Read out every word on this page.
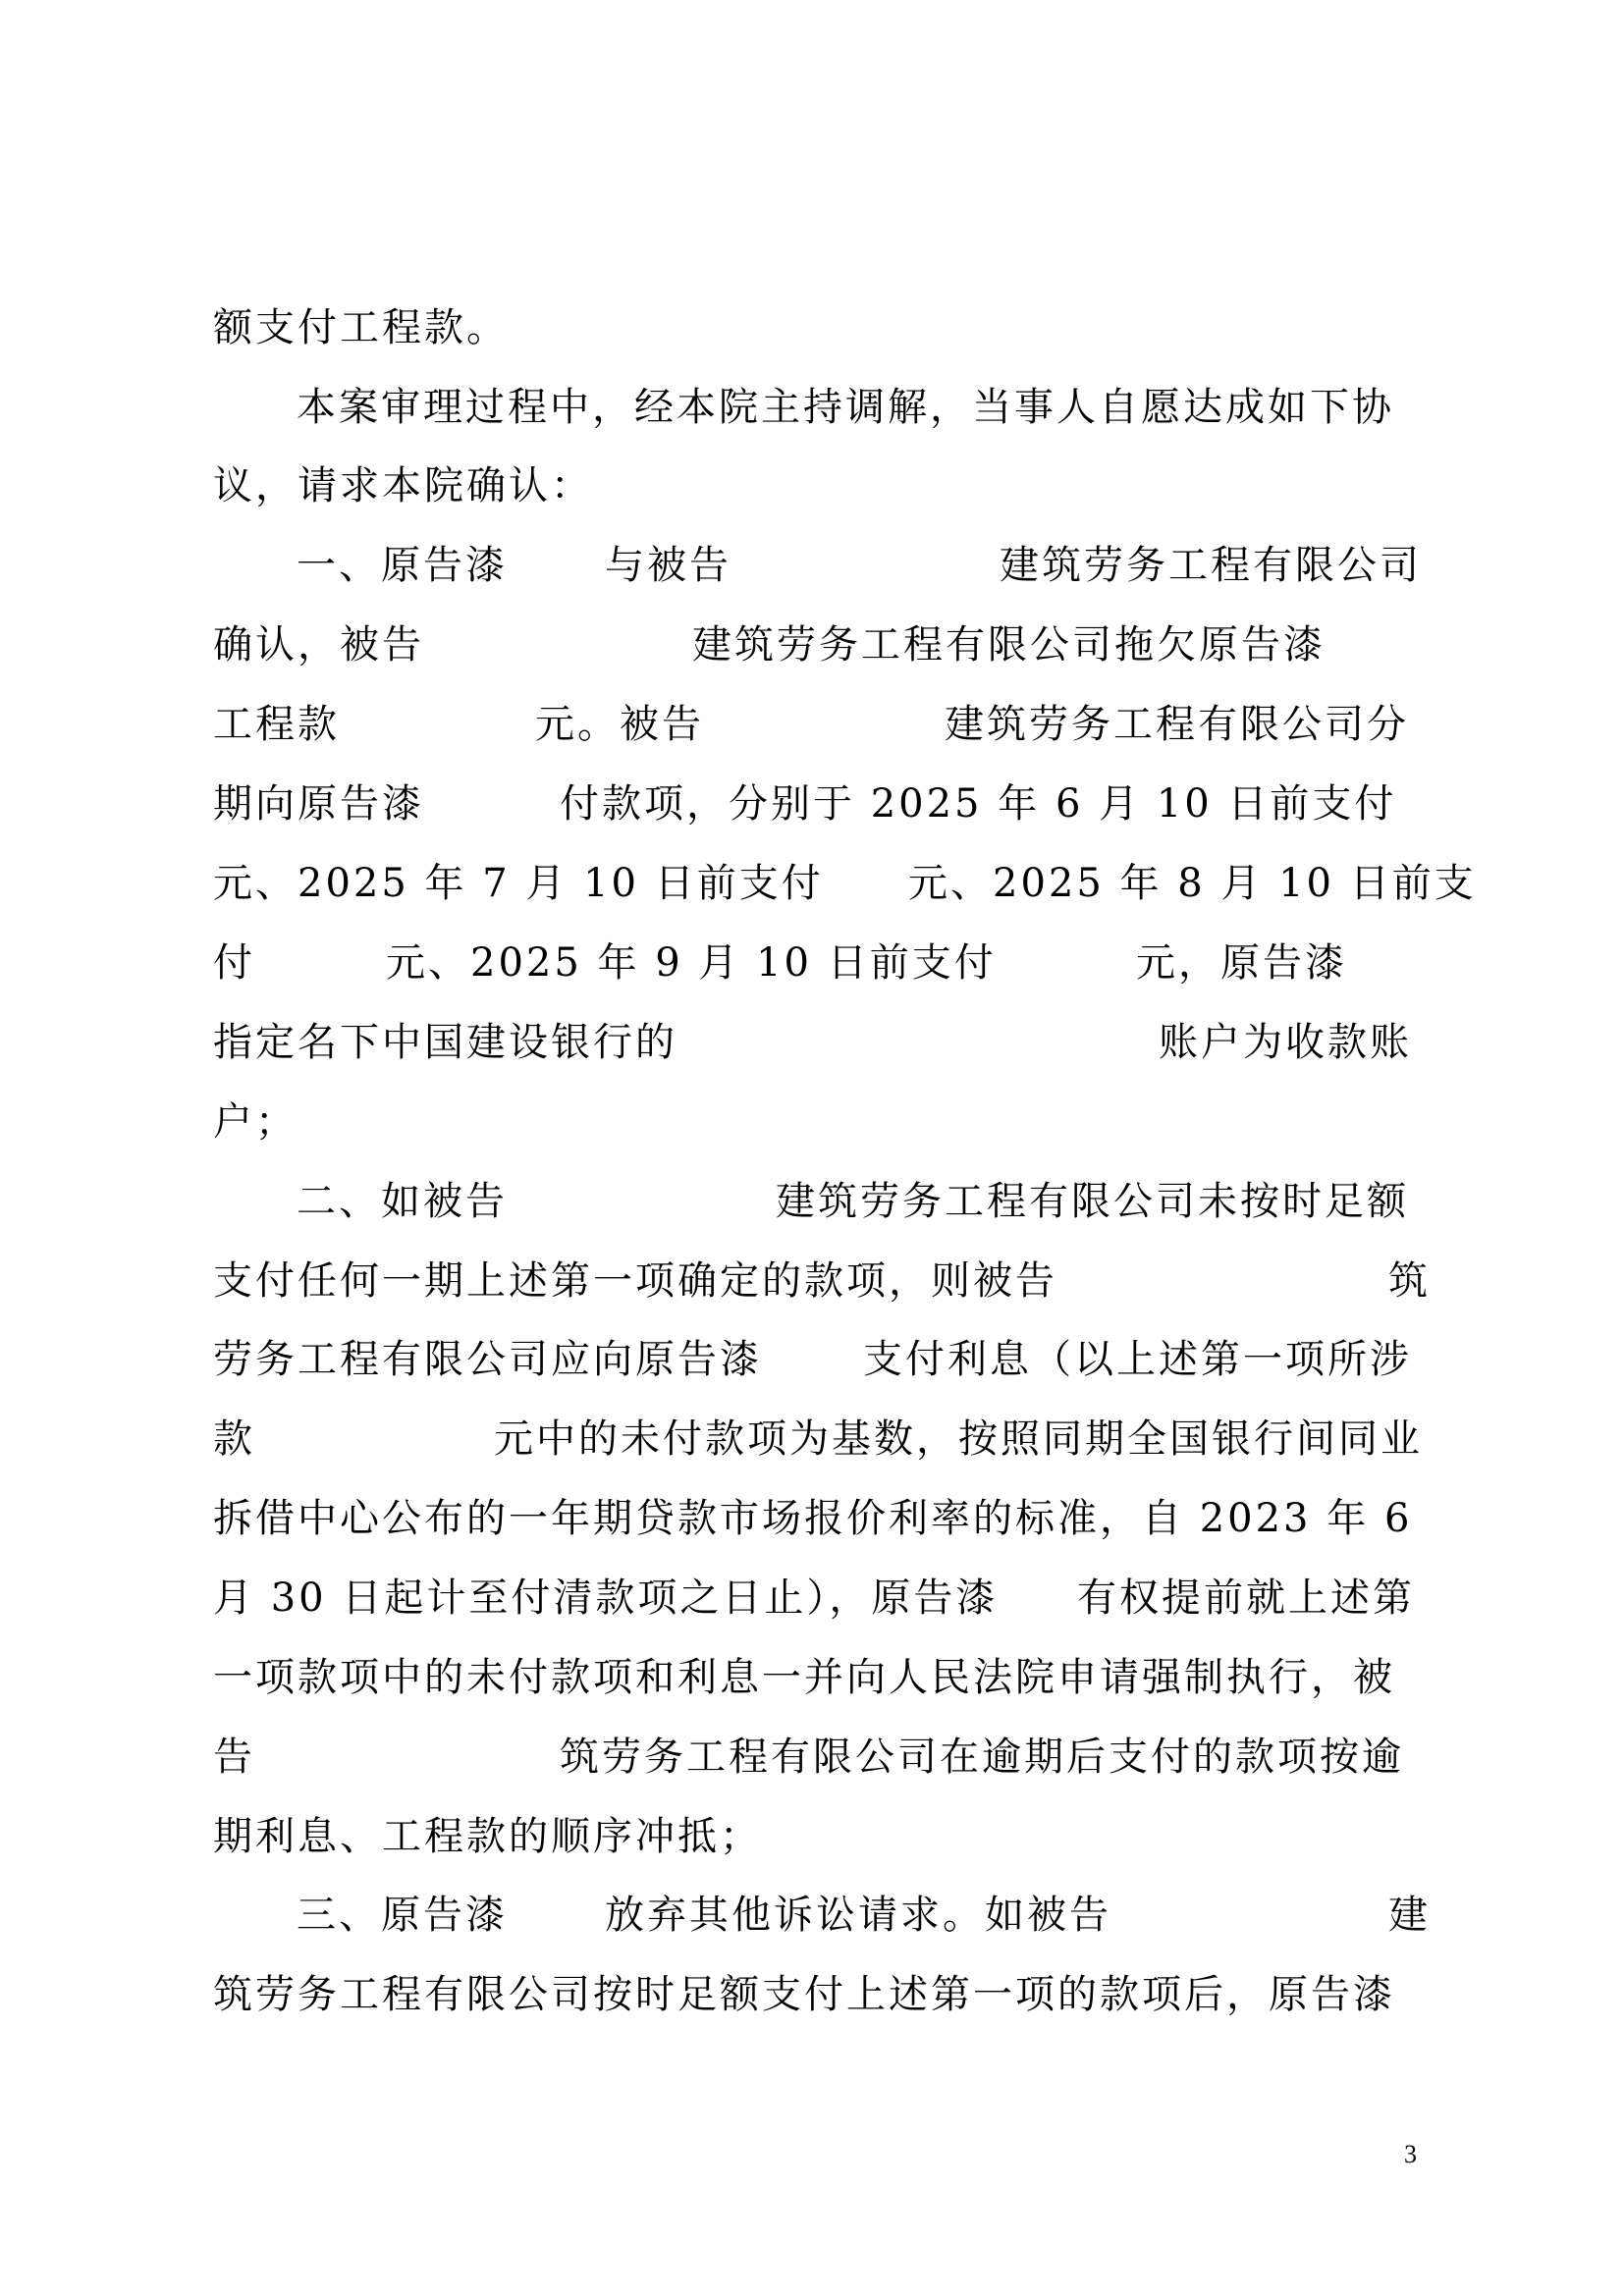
额支付工程款。

本案审理过程中，经本院主持调解，当事人自愿达成如下协

议，请求本院确认：

一、原告漆

与被告

	建筑劳务工程有限公司

确认，被告

	建筑劳务工程有限公司拖欠原告漆

工程款

	元。被告

	建筑劳务工程有限公司分

期向原告漆

	付款项，分别于 2025 年 6 月 10 日前支付

元、2025 年 7 月 10 日前支付

元、2025 年 8 月 10 日前支

付

	元、2025 年 9 月 10 日前支付

	元，原告漆

指定名下中国建设银行的

	账户为收款账

户；

二、如被告

	建筑劳务工程有限公司未按时足额

支付任何一期上述第一项确定的款项，则被告

	筑

劳务工程有限公司应向原告漆

	支付利息（以上述第一项所涉

款

	元中的未付款项为基数，按照同期全国银行间同业

拆借中心公布的一年期贷款市场报价利率的标准，自 2023 年 6

月 30 日起计至付清款项之日止），原告漆

有权提前就上述第

一项款项中的未付款项和利息一并向人民法院申请强制执行，被

告

	筑劳务工程有限公司在逾期后支付的款项按逾

期利息、工程款的顺序冲抵；

三、原告漆

放弃其他诉讼请求。如被告

	建

筑劳务工程有限公司按时足额支付上述第一项的款项后，原告漆

3
